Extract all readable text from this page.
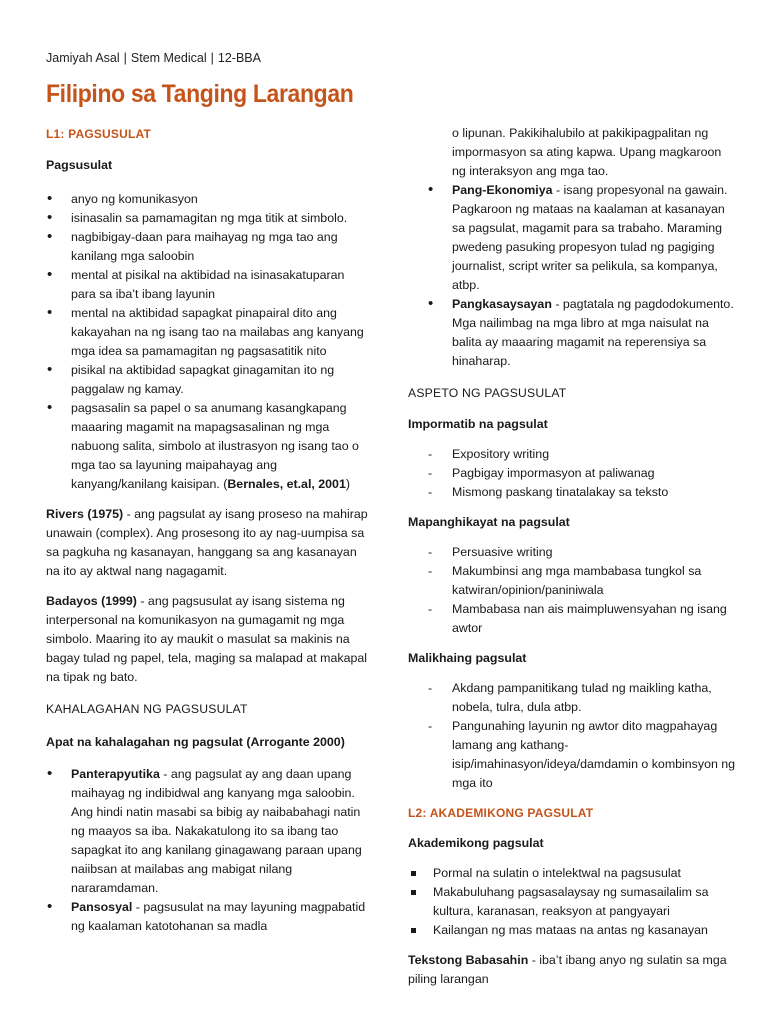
Jamiyah Asal | Stem Medical | 12-BBA
Filipino sa Tanging Larangan
L1: PAGSUSULAT
Pagsusulat
• anyo ng komunikasyon
• isinasalin sa pamamagitan ng mga titik at simbolo.
• nagbibigay-daan para maihayag ng mga tao ang kanilang mga saloobin
• mental at pisikal na aktibidad na isinasakatuparan para sa iba’t ibang layunin
• mental na aktibidad sapagkat pinapairal dito ang kakayahan na ng isang tao na mailabas ang kanyang mga idea sa pamamagitan ng pagsasatitik nito
• pisikal na aktibidad sapagkat ginagamitan ito ng paggalaw ng kamay.
• pagsasalin sa papel o sa anumang kasangkapang maaaring magamit na mapagsasalinan ng mga nabuong salita, simbolo at ilustrasyon ng isang tao o mga tao sa layuning maipahayag ang kanyang/kanilang kaisipan. (Bernales, et.al, 2001)

Rivers (1975) - ang pagsulat ay isang proseso na mahirap unawain (complex). Ang prosesong ito ay nag-uumpisa sa sa pagkuha ng kasanayan, hanggang sa ang kasanayan na ito ay aktwal nang nagagamit.

Badayos (1999) - ang pagsusulat ay isang sistema ng interpersonal na komunikasyon na gumagamit ng mga simbolo. Maaring ito ay maukit o masulat sa makinis na bagay tulad ng papel, tela, maging sa malapad at makapal na tipak ng bato.

KAHALAGAHAN NG PAGSUSULAT
Apat na kahalagahan ng pagsulat (Arrogante 2000)
• Panterapyutika - ang pagsulat ay ang daan upang maihayag ng indibidwal ang kanyang mga saloobin. Ang hindi natin masabi sa bibig ay naibabahagi natin ng maayos sa iba. Nakakatulong ito sa ibang tao sapagkat ito ang kanilang ginagawang paraan upang naiibsan at mailabas ang mabigat nilang nararamdaman.
• Pansosyal - pagsusulat na may layuning magpabatid ng kaalaman katotohanan sa madla

o lipunan. Pakikihalubilo at pakikipagpalitan ng impormasyon sa ating kapwa. Upang magkaroon ng interaksyon ang mga tao.

• Pang-Ekonomiya - isang propesyonal na gawain. Pagkaroon ng mataas na kaalaman at kasanayan sa pagsulat, magamit para sa trabaho. Maraming pwedeng pasuking propesyon tulad ng pagiging journalist, script writer sa pelikula, sa kompanya, atbp.
• Pangkasaysayan - pagtatala ng pagdodokumento. Mga nailimbag na mga libro at mga naisulat na balita ay maaaring magamit na reperensiya sa hinaharap.
ASPETO NG PAGSUSULAT
Impormatib na pagsulat
- Expository writing
- Pagbigay impormasyon at paliwanag
- Mismong paskang tinatalakay sa teksto
Mapanghikayat na pagsulat
- Persuasive writing
- Makumbinsi ang mga mambabasa tungkol sa katwiran/opinion/paniniwala
- Mambabasa nan ais maimpluwensyahan ng isang awtor
Malikhaing pagsulat
- Akdang pampanitikang tulad ng maikling katha, nobela, tulra, dula atbp.
- Pangunahing layunin ng awtor dito magpahayag lamang ang kathang-isip/imahinasyon/ideya/damdamin o kombinsyon ng mga ito
L2: AKADEMIKONG PAGSULAT
Akademikong pagsulat
Pormal na sulatin o intelektwal na pagsusulat
Makabuluhang pagsasalaysay ng sumasailalim sa kultura, karanasan, reaksyon at pangyayari
Kailangan ng mas mataas na antas ng kasanayan

Tekstong Babasahin - iba’t ibang anyo ng sulatin sa mga piling larangan
